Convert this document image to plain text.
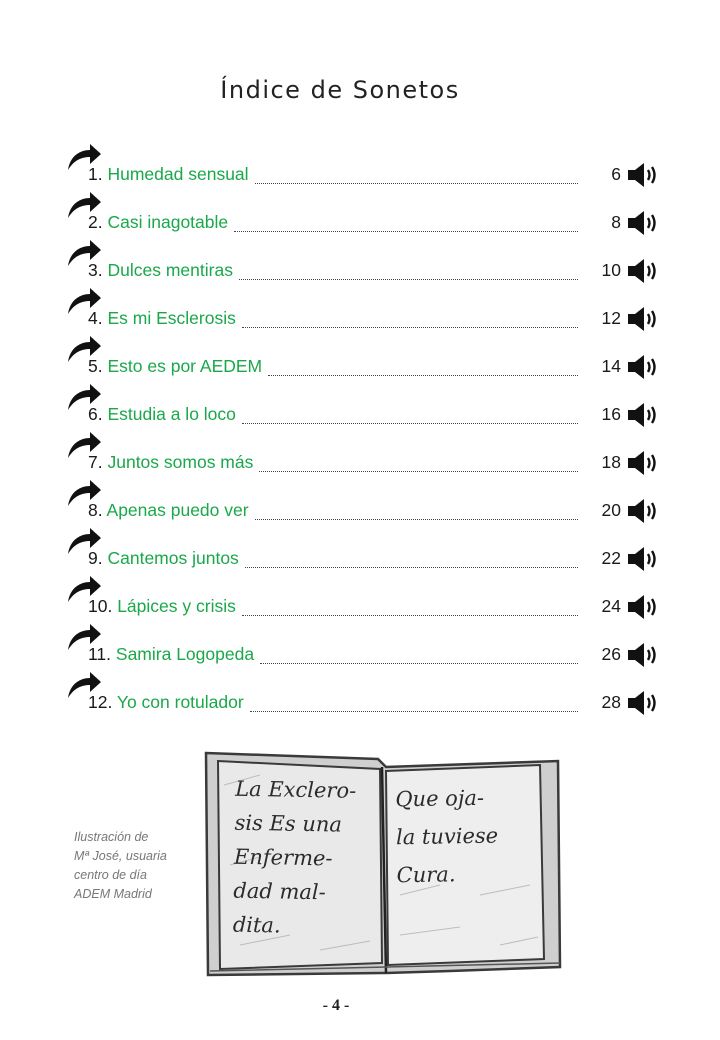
Índice de Sonetos
1. Humedad sensual	6
2. Casi inagotable	8
3. Dulces mentiras	10
4. Es mi Esclerosis	12
5. Esto es por AEDEM	14
6. Estudia a lo loco	16
7. Juntos somos más	18
8. Apenas puedo ver	20
9. Cantemos juntos	22
10. Lápices y crisis	24
11. Samira Logopeda	26
12. Yo con rotulador	28
La Exclero-
sis Es una
Enferme-
dad mal-
dita.
Que oja-
la tuviese
Cura.
Ilustración de
Mª José, usuaria
centro de día
ADEM Madrid
- 4 -
